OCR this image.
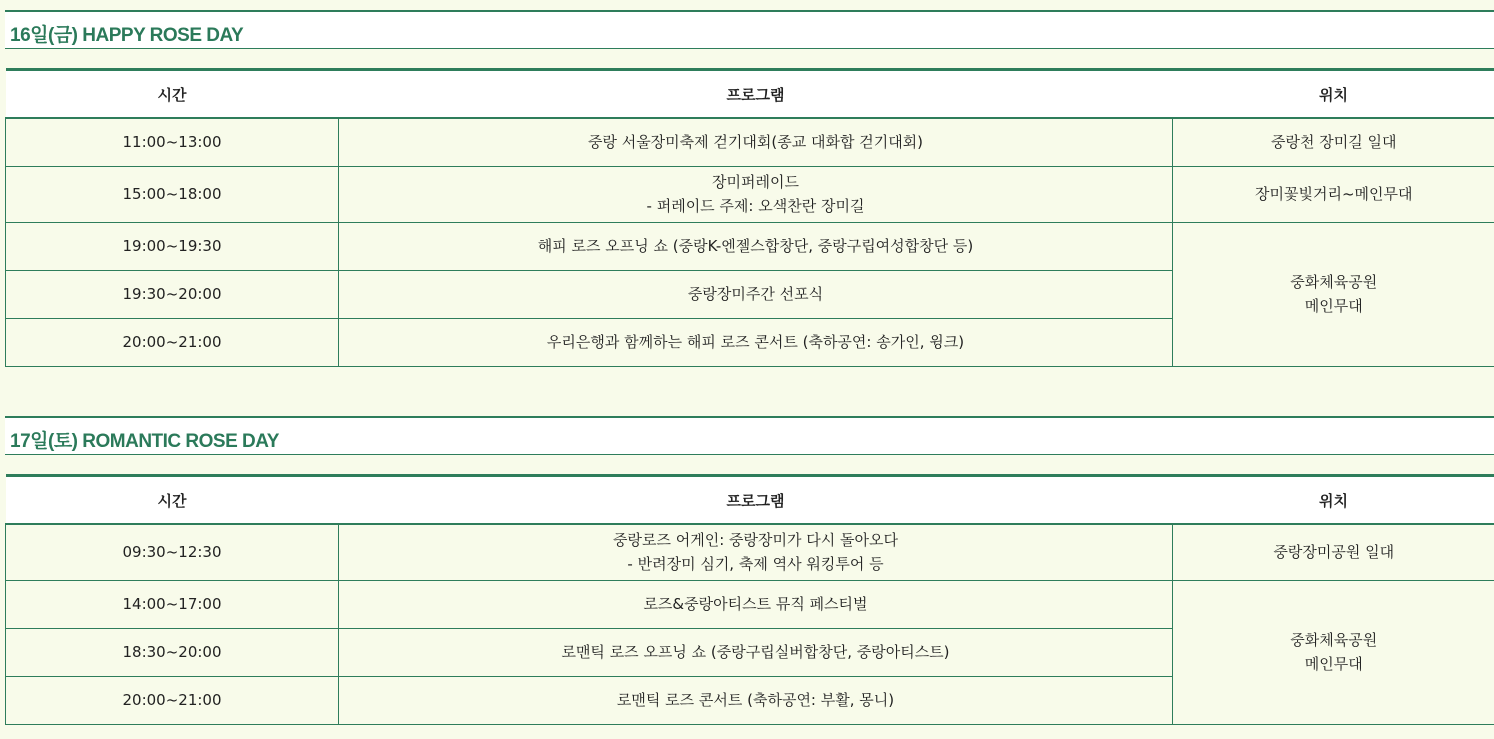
16일(금) HAPPY ROSE DAY
시간	프로그램	위치
11:00~13:00	중랑 서울장미축제 걷기대회(종교 대화합 걷기대회)	중랑천 장미길 일대

15:00~18:00	장미퍼레이드
- 퍼레이드 주제: 오색찬란 장미길	장미꽃빛거리~메인무대

19:00~19:30	해피 로즈 오프닝 쇼 (중랑K-엔젤스합창단, 중랑구립여성합창단 등)	중화체육공원
메인무대

19:30~20:00	중랑장미주간 선포식	

20:00~21:00	우리은행과 함께하는 해피 로즈 콘서트 (축하공연: 송가인, 윙크)	
17일(토) ROMANTIC ROSE DAY
시간	프로그램	위치
09:30~12:30	중랑로즈 어게인: 중랑장미가 다시 돌아오다
- 반려장미 심기, 축제 역사 워킹투어 등	중랑장미공원 일대

14:00~17:00	로즈&중랑아티스트 뮤직 페스티벌	중화체육공원
메인무대

18:30~20:00	로맨틱 로즈 오프닝 쇼 (중랑구립실버합창단, 중랑아티스트)	

20:00~21:00	로맨틱 로즈 콘서트 (축하공연: 부활, 몽니)	
